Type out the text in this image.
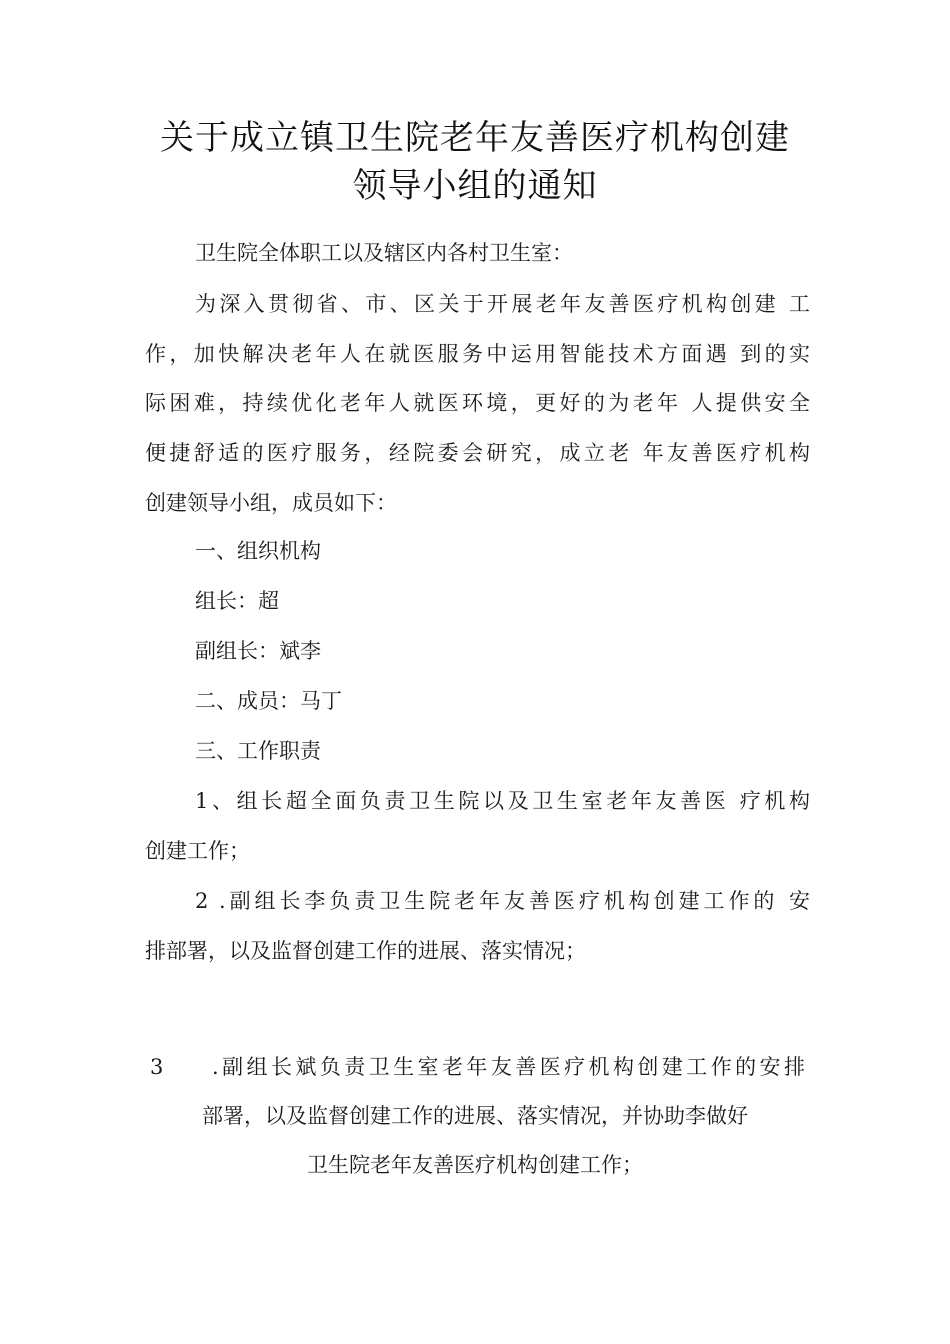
关于成立镇卫生院老年友善医疗机构创建
领导小组的通知
卫生院全体职工以及辖区内各村卫生室：
为深入贯彻省、市、区关于开展老年友善医疗机构创建 工
作，加快解决老年人在就医服务中运用智能技术方面遇 到的实
际困难，持续优化老年人就医环境，更好的为老年 人提供安全
便捷舒适的医疗服务，经院委会研究，成立老 年友善医疗机构
创建领导小组，成员如下：
一、组织机构
组长：超
副组长：斌李
二、成员：马丁
三、工作职责
1、组长超全面负责卫生院以及卫生室老年友善医 疗机构
创建工作；
2 .副组长李负责卫生院老年友善医疗机构创建工作的 安
排部署，以及监督创建工作的进展、落实情况；
3 .副组长斌负责卫生室老年友善医疗机构创建工作的安排
部署，以及监督创建工作的进展、落实情况，并协助李做好
卫生院老年友善医疗机构创建工作；
